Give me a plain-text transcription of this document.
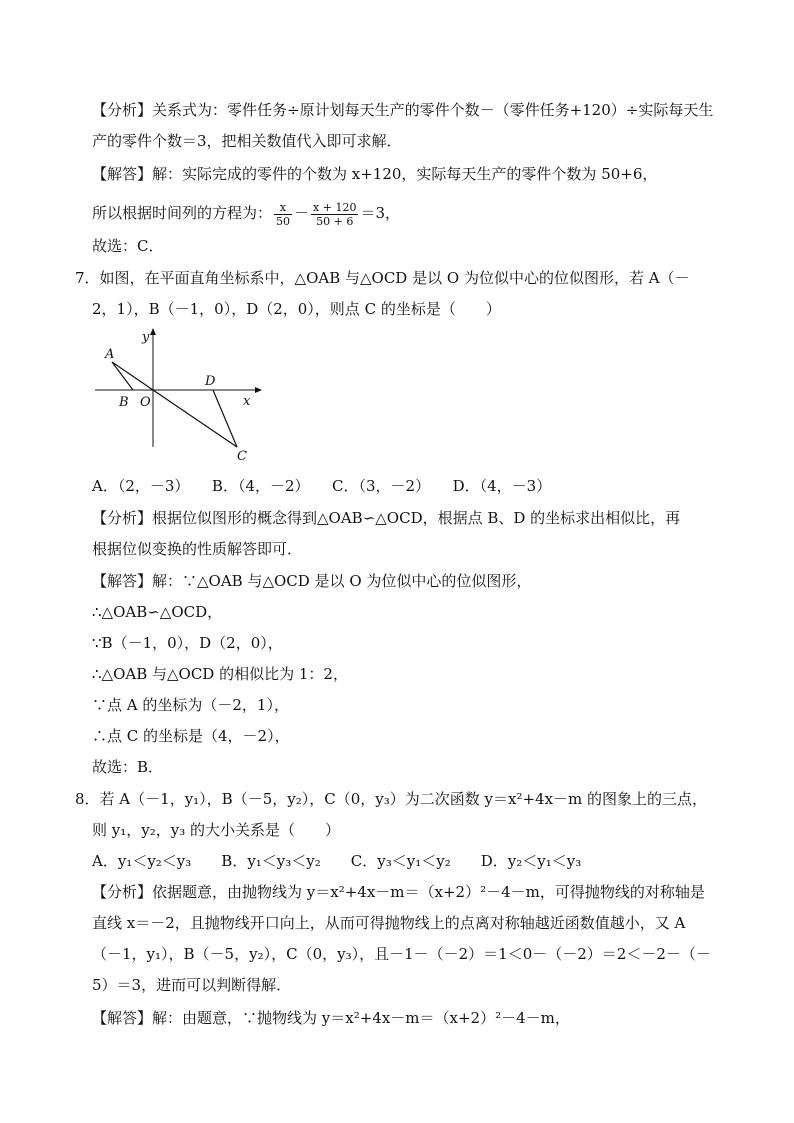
【分析】关系式为：零件任务÷原计划每天生产的零件个数－（零件任务+120）÷实际每天生
产的零件个数＝3，把相关数值代入即可求解．
【解答】解：实际完成的零件的个数为 x+120，实际每天生产的零件个数为 50+6，
所以根据时间列的方程为： $\frac{x}{50} - \frac{x + 120}{50 + 6} =3$，
故选：C．
7．如图，在平面直角坐标系中，△OAB 与△OCD 是以 O 为位似中心的位似图形，若 A（－
2，1），B（－1，0），D（2，0），则点 C 的坐标是（　　）
y
x
A
B O
D
C
A．（2，－3）　　B．（4，－2）　　C．（3，－2）　　D．（4，－3）
【分析】根据位似图形的概念得到△OAB∽△OCD，根据点 B、D 的坐标求出相似比，再
根据位似变换的性质解答即可．
【解答】解：∵△OAB 与△OCD 是以 O 为位似中心的位似图形，
∴△OAB∽△OCD，
∵B（－1，0），D（2，0），
∴△OAB 与△OCD 的相似比为 1：2，
∵点 A 的坐标为（－2，1），
∴点 C 的坐标是（4，－2），
故选：B．
8．若 A（－1，y₁），B（－5，y₂），C（0，y₃）为二次函数 y＝x²+4x－m 的图象上的三点，
则 y₁，y₂，y₃ 的大小关系是（　　）
A．y₁＜y₂＜y₃　　B．y₁＜y₃＜y₂　　C．y₃＜y₁＜y₂　　D．y₂＜y₁＜y₃
【分析】依据题意，由抛物线为 y＝x²+4x－m＝（x+2）²－4－m，可得抛物线的对称轴是
直线 x＝－2，且抛物线开口向上，从而可得抛物线上的点离对称轴越近函数值越小，又 A
（－1，y₁），B（－5，y₂），C（0，y₃），且－1－（－2）＝1＜0－（－2）＝2＜－2－（－
5）＝3，进而可以判断得解．
【解答】解：由题意，∵抛物线为 y＝x²+4x－m＝（x+2）²－4－m，
